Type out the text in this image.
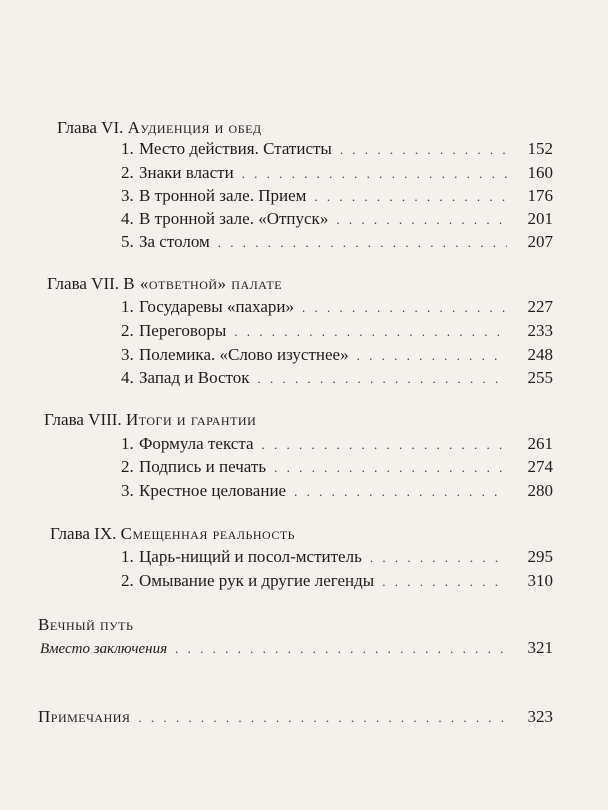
Глава VI. Аудиенция и обед
1. Место действия. Статисты . . .	152
2. Знаки власти . . .	160
3. В тронной зале. Прием . . .	176
4. В тронной зале. «Отпуск» . . .	201
5. За столом . . .	207
Глава VII. В «ответной» палате
1. Государевы «пахари» . . .	227
2. Переговоры . . .	233
3. Полемика. «Слово изустнее» . . .	248
4. Запад и Восток . . .	255
Глава VIII. Итоги и гарантии
1. Формула текста . . .	261
2. Подпись и печать . . .	274
3. Крестное целование . . .	280
Глава IX. Смещенная реальность
1. Царь-нищий и посол-мститель . . .	295
2. Омывание рук и другие легенды . . .	310
Вечный путь
Вместо заключения . . .	321
Примечания . . .	323
